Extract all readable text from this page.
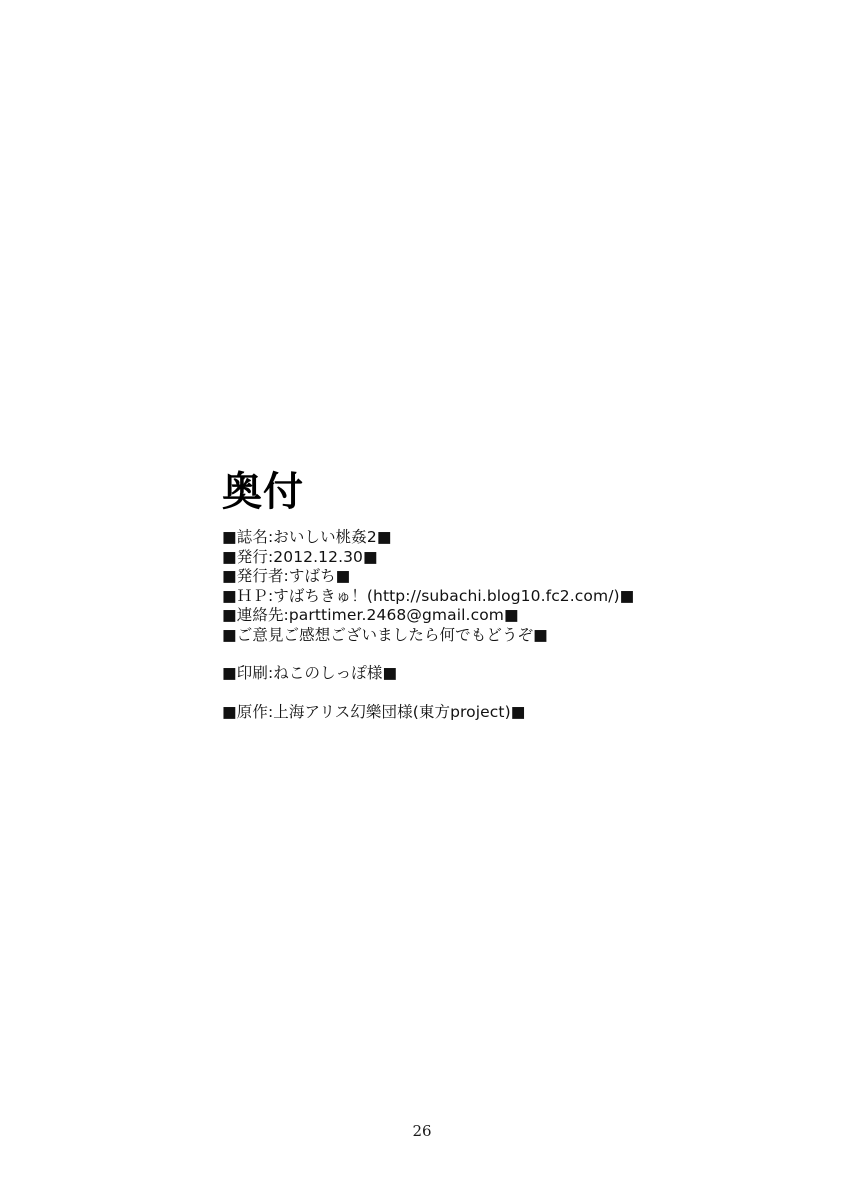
奥付
■誌名:おいしい桃姦2■
■発行:2012.12.30■
■発行者:すばち■
■ＨＰ:すばちきゅ！(http://subachi.blog10.fc2.com/)■
■連絡先:parttimer.2468@gmail.com■
■ご意見ご感想ございましたら何でもどうぞ■
■印刷:ねこのしっぽ様■
■原作:上海アリス幻樂団様(東方project)■
26
